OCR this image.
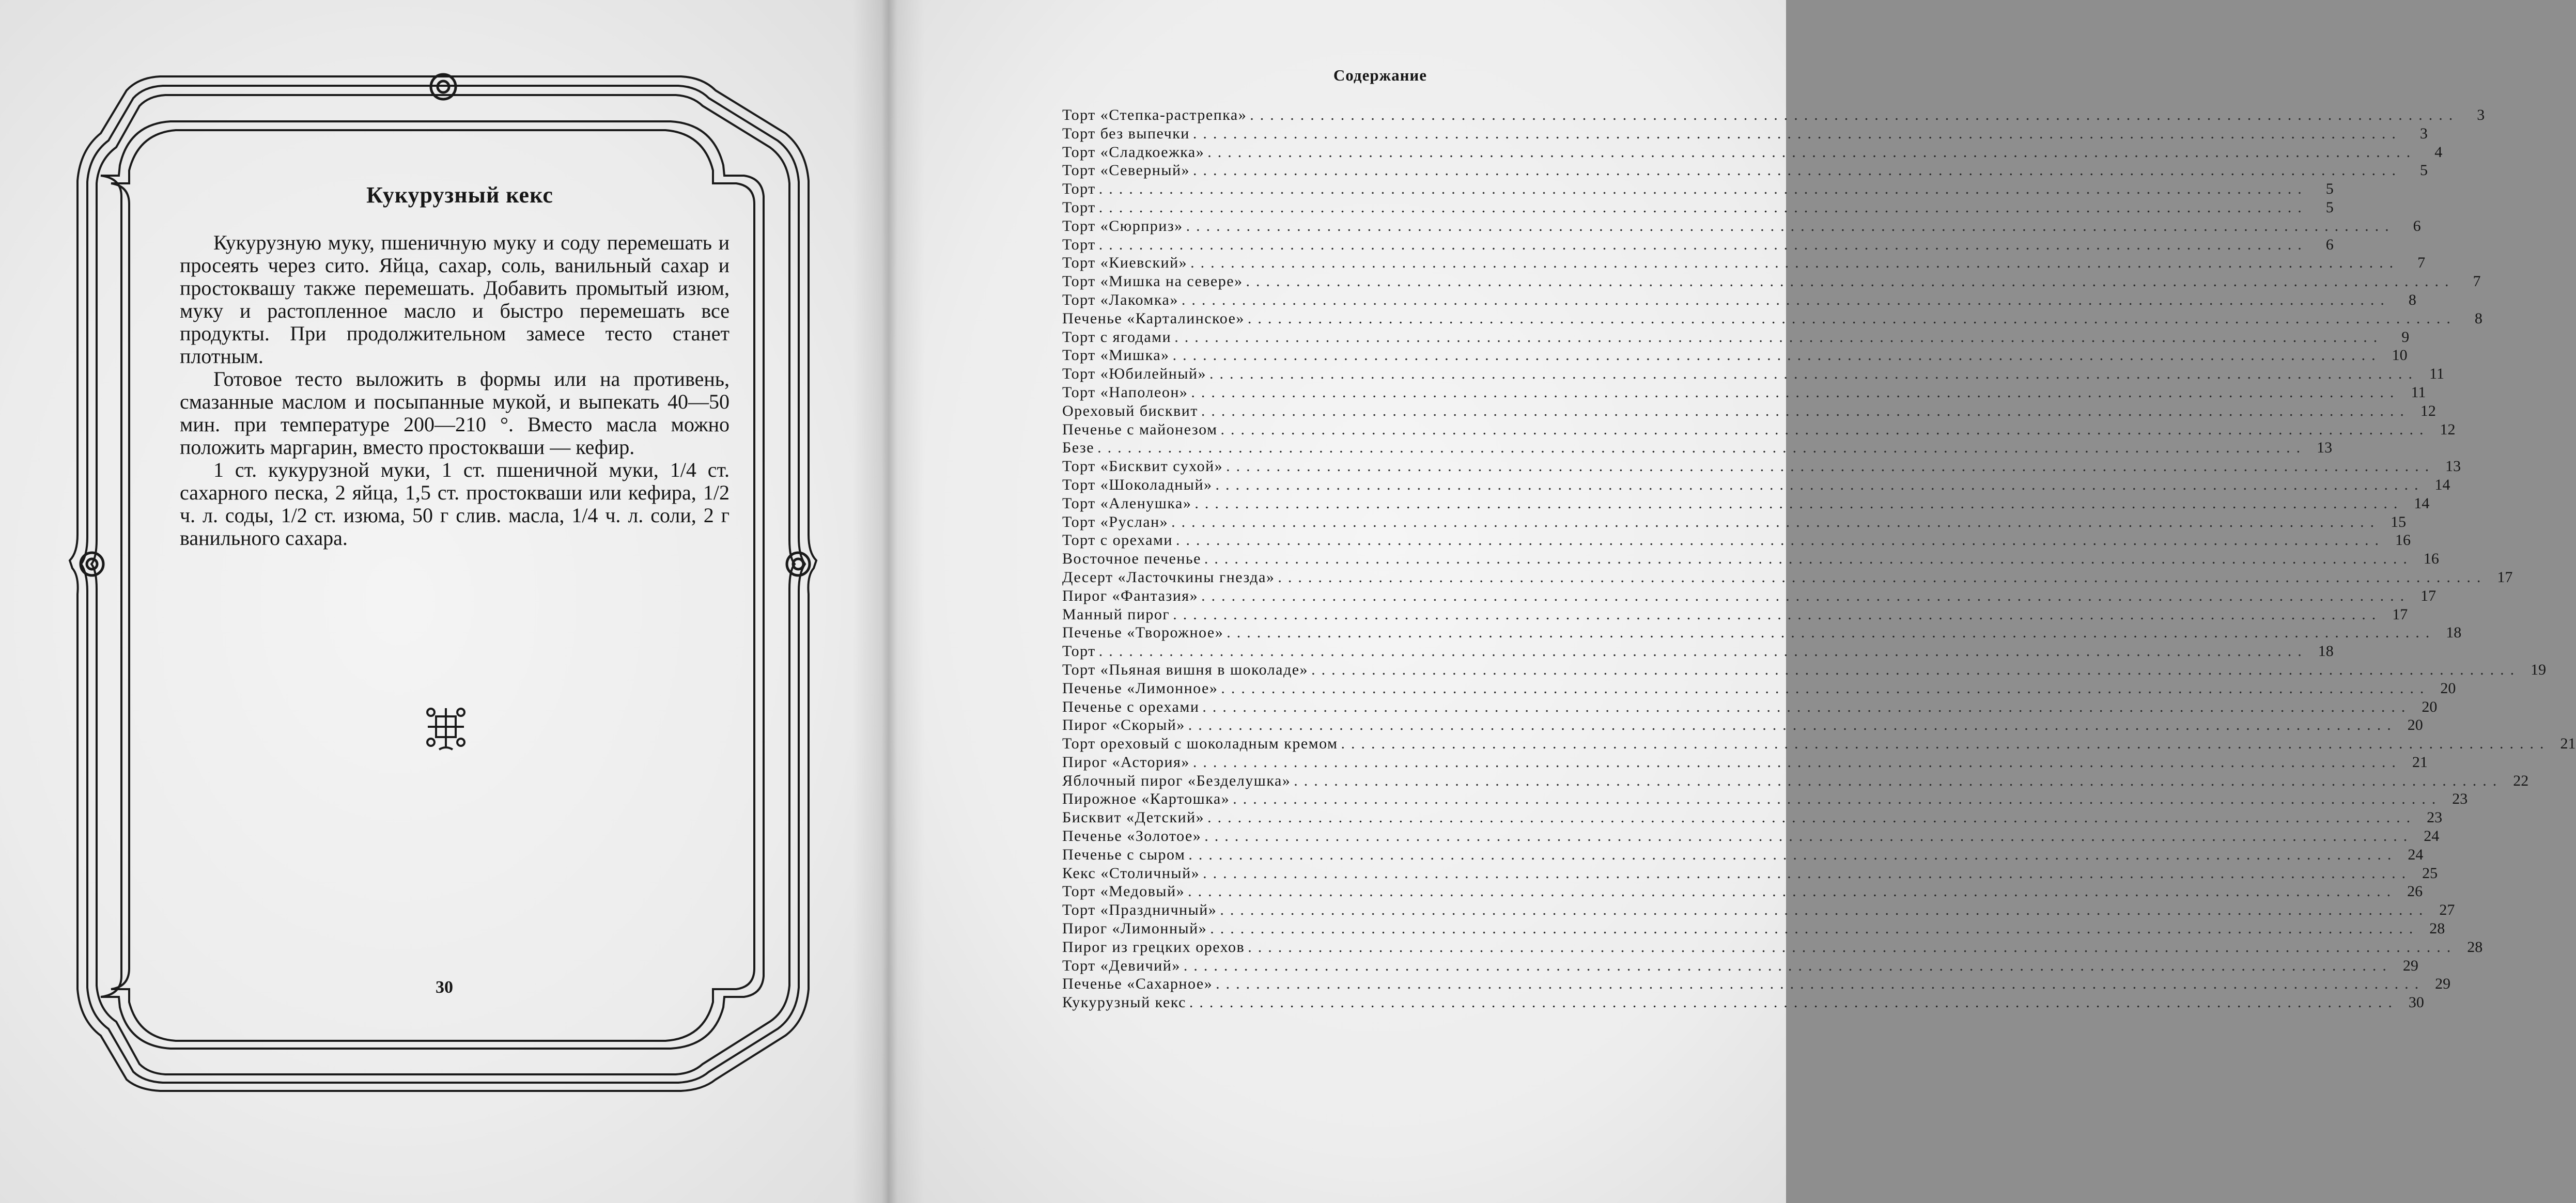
Кукурузный кекс

Кукурузную муку, пшеничную муку и соду перемешать и просеять через сито. Яйца, сахар, соль, ванильный сахар и простоквашу также перемешать. Добавить промытый изюм, муку и растопленное масло и быстро перемешать все продукты. При продолжительном замесе тесто станет плотным.

Готовое тесто выложить в формы или на противень, смазанные маслом и посыпанные мукой, и выпекать 40—50 мин. при температуре 200—210 °. Вместо масла можно положить маргарин, вместо простокваши — кефир.

1 ст. кукурузной муки, 1 ст. пшеничной муки, 1/4 ст. сахарного песка, 2 яйца, 1,5 ст. простокваши или кефира, 1/2 ч. л. соды, 1/2 ст. изюма, 50 г слив. масла, 1/4 ч. л. соли, 2 г ванильного сахара.

30
Содержание
Торт «Степка-растрепка» ........................................................................................................................	3
Торт без выпечки ........................................................................................................................	3
Торт «Сладкоежка» ........................................................................................................................	4
Торт «Северный» ........................................................................................................................	5
Торт ........................................................................................................................	5
Торт ........................................................................................................................	5
Торт «Сюрприз» ........................................................................................................................	6
Торт ........................................................................................................................	6
Торт «Киевский» ........................................................................................................................	7
Торт «Мишка на севере» ........................................................................................................................	7
Торт «Лакомка» ........................................................................................................................	8
Печенье «Карталинское» ........................................................................................................................	8
Торт с ягодами ........................................................................................................................	9
Торт «Мишка» ........................................................................................................................ 10
Торт «Юбилейный» ........................................................................................................................ 11
Торт «Наполеон» ........................................................................................................................ 11
Ореховый бисквит ........................................................................................................................ 12
Печенье с майонезом ........................................................................................................................ 12
Безе ........................................................................................................................ 13
Торт «Бисквит сухой» ........................................................................................................................ 13
Торт «Шоколадный» ........................................................................................................................ 14
Торт «Аленушка» ........................................................................................................................ 14
Торт «Руслан» ........................................................................................................................ 15
Торт с орехами ........................................................................................................................ 16
Восточное печенье ........................................................................................................................ 16
Десерт «Ласточкины гнезда» ........................................................................................................................ 17
Пирог «Фантазия» ........................................................................................................................ 17
Манный пирог ........................................................................................................................ 17
Печенье «Творожное» ........................................................................................................................ 18
Торт ........................................................................................................................ 18
Торт «Пьяная вишня в шоколаде» ........................................................................................................................ 19
Печенье «Лимонное» ........................................................................................................................ 20
Печенье с орехами ........................................................................................................................ 20
Пирог «Скорый» ........................................................................................................................ 20
Торт ореховый с шоколадным кремом ........................................................................................................................ 21
Пирог «Астория» ........................................................................................................................ 21
Яблочный пирог «Безделушка» ........................................................................................................................ 22
Пирожное «Картошка» ........................................................................................................................ 23
Бисквит «Детский» ........................................................................................................................ 23
Печенье «Золотое» ........................................................................................................................ 24
Печенье с сыром ........................................................................................................................ 24
Кекс «Столичный» ........................................................................................................................ 25
Торт «Медовый» ........................................................................................................................ 26
Торт «Праздничный» ........................................................................................................................ 27
Пирог «Лимонный» ........................................................................................................................ 28
Пирог из грецких орехов ........................................................................................................................ 28
Торт «Девичий» ........................................................................................................................ 29
Печенье «Сахарное» ........................................................................................................................ 29
Кукурузный кекс ........................................................................................................................ 30
